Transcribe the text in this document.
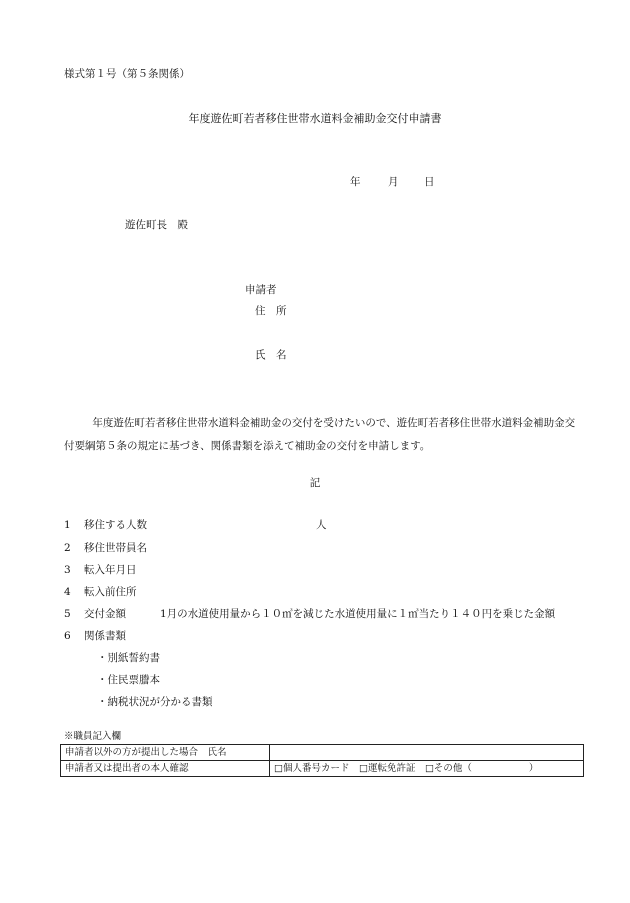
様式第１号（第５条関係）
年度遊佐町若者移住世帯水道料金補助金交付申請書
年	月 日
遊佐町長　殿
申請者
住　所
氏　名
年度遊佐町若者移住世帯水道料金補助金の交付を受けたいので、遊佐町若者移住世帯水道料金補助金交付要綱第５条の規定に基づき、関係書類を添えて補助金の交付を申請します。
記
1 移住する人数	人
2 移住世帯員名
3 転入年月日
4 転入前住所
5 交付金額	1月の水道使用量から１０㎥を減じた水道使用量に１㎥当たり１４０円を乗じた金額
6 関係書類
・別紙誓約書
・住民票謄本
・納税状況が分かる書類
※職員記入欄
申請者以外の方が提出した場合　氏名	
申請者又は提出者の本人確認	□個人番号カード　□運転免許証　□その他（　　　　　　）
